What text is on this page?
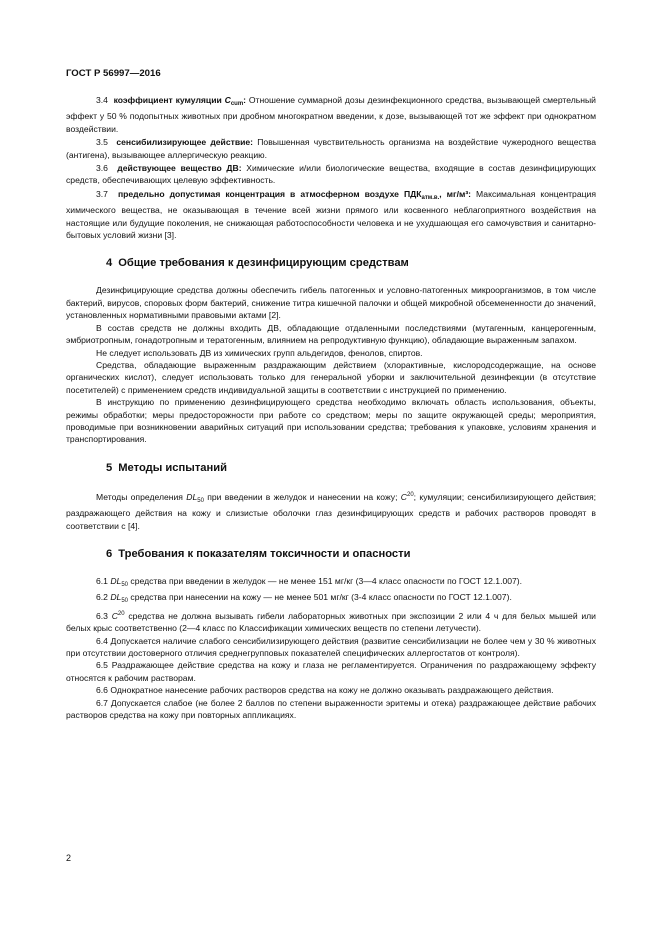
ГОСТ Р 56997—2016

3.4 коэффициент кумуляции $C_{cum}$: Отношение суммарной дозы дезинфекционного средства, вызывающей смертельный эффект у 50 % подопытных животных при дробном многократном введении, к дозе, вызывающей тот же эффект при однократном воздействии.

3.5 сенсибилизирующее действие: Повышенная чувствительность организма на воздействие чужеродного вещества (антигена), вызывающее аллергическую реакцию.

3.6 действующее вещество ДВ: Химические и/или биологические вещества, входящие в состав дезинфицирующих средств, обеспечивающих целевую эффективность.

3.7 предельно допустимая концентрация в атмосферном воздухе $ПДК_{атм.в.}$, мг/м³: Максимальная концентрация химического вещества, не оказывающая в течение всей жизни прямого или косвенного неблагоприятного воздействия на настоящие или будущие поколения, не снижающая работоспособности человека и не ухудшающая его самочувствия и санитарно-бытовых условий жизни [3].

4 Общие требования к дезинфицирующим средствам

Дезинфицирующие средства должны обеспечить гибель патогенных и условно-патогенных микроорганизмов, в том числе бактерий, вирусов, споровых форм бактерий, снижение титра кишечной палочки и общей микробной обсемененности до значений, установленных нормативными правовыми актами [2].

В состав средств не должны входить ДВ, обладающие отдаленными последствиями (мутагенным, канцерогенным, эмбриотропным, гонадотропным и тератогенным, влиянием на репродуктивную функцию), обладающие выраженным запахом.

Не следует использовать ДВ из химических групп альдегидов, фенолов, спиртов.

Средства, обладающие выраженным раздражающим действием (хлорактивные, кислородсодержащие, на основе органических кислот), следует использовать только для генеральной уборки и заключительной дезинфекции (в отсутствие посетителей) с применением средств индивидуальной защиты в соответствии с инструкцией по применению.

В инструкцию по применению дезинфицирующего средства необходимо включать область использования, объекты, режимы обработки; меры предосторожности при работе со средством; меры по защите окружающей среды; мероприятия, проводимые при возникновении аварийных ситуаций при использовании средства; требования к упаковке, условиям хранения и транспортирования.

5 Методы испытаний

Методы определения $DL_{50}$ при введении в желудок и нанесении на кожу; $C^{20}$; кумуляции; сенсибилизирующего действия; раздражающего действия на кожу и слизистые оболочки глаз дезинфицирующих средств и рабочих растворов проводят в соответствии с [4].

6 Требования к показателям токсичности и опасности

6.1 $DL_{50}$ средства при введении в желудок — не менее 151 мг/кг (3—4 класс опасности по ГОСТ 12.1.007).

6.2 $DL_{50}$ средства при нанесении на кожу — не менее 501 мг/кг (3-4 класс опасности по ГОСТ 12.1.007).

6.3 $C^{20}$ средства не должна вызывать гибели лабораторных животных при экспозиции 2 или 4 ч для белых мышей или белых крыс соответственно (2—4 класс по Классификации химических веществ по степени летучести).

6.4 Допускается наличие слабого сенсибилизирующего действия (развитие сенсибилизации не более чем у 30 % животных при отсутствии достоверного отличия среднегрупповых показателей специфических аллергостатов от контроля).

6.5 Раздражающее действие средства на кожу и глаза не регламентируется. Ограничения по раздражающему эффекту относятся к рабочим растворам.

6.6 Однократное нанесение рабочих растворов средства на кожу не должно оказывать раздражающего действия.

6.7 Допускается слабое (не более 2 баллов по степени выраженности эритемы и отека) раздражающее действие рабочих растворов средства на кожу при повторных аппликациях.

2
